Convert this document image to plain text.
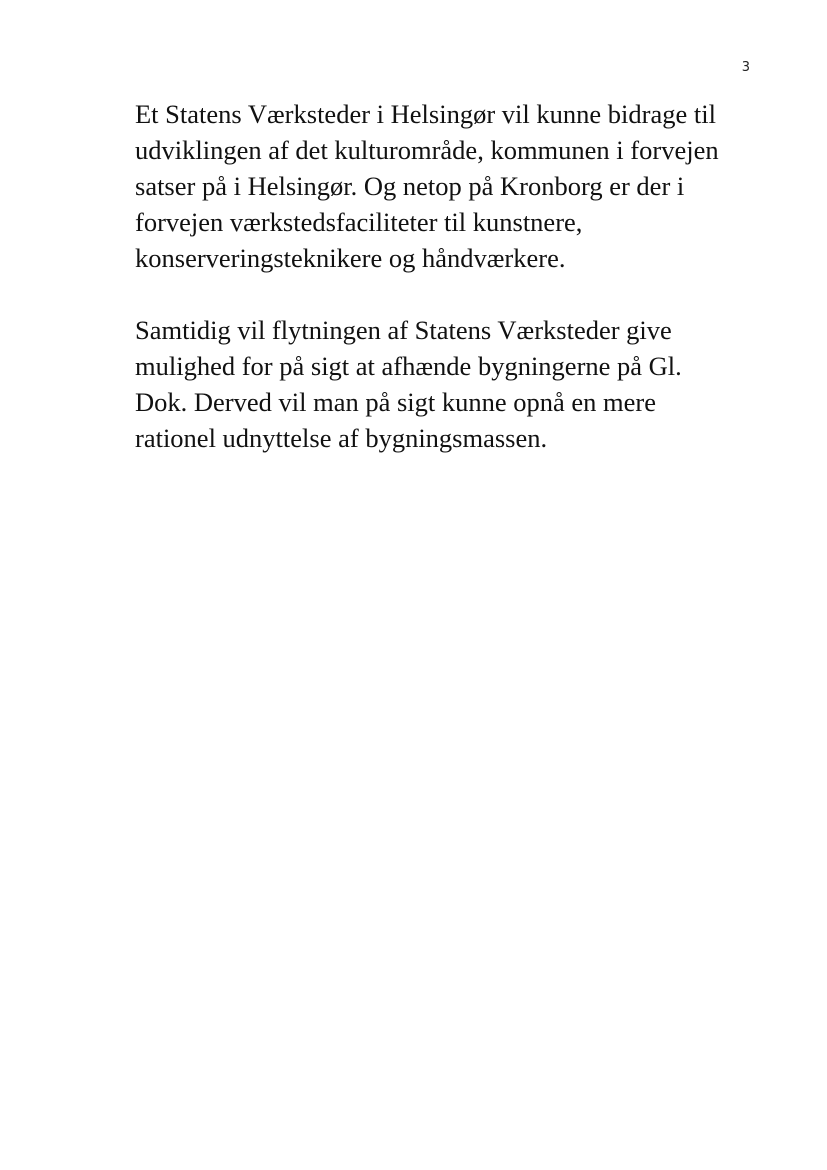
3

Et Statens Værksteder i Helsingør vil kunne bidrage til
udviklingen af det kulturområde, kommunen i forvejen
satser på i Helsingør. Og netop på Kronborg er der i
forvejen værkstedsfaciliteter til kunstnere,
konserveringsteknikere og håndværkere.

Samtidig vil flytningen af Statens Værksteder give
mulighed for på sigt at afhænde bygningerne på Gl.
Dok. Derved vil man på sigt kunne opnå en mere
rationel udnyttelse af bygningsmassen.
